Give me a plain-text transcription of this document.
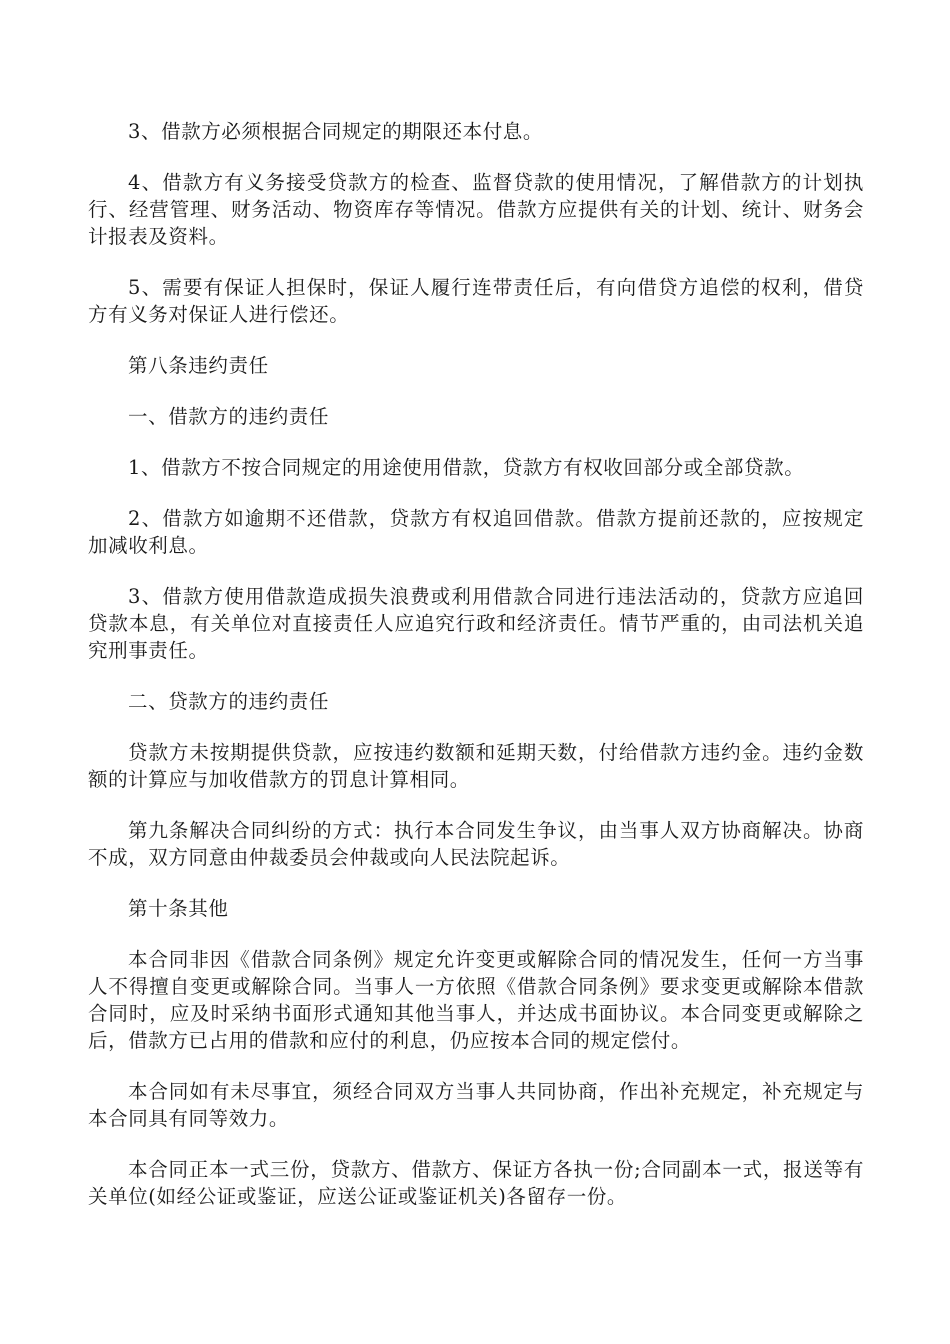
3、借款方必须根据合同规定的期限还本付息。

4、借款方有义务接受贷款方的检查、监督贷款的使用情况，了解借款方的计划执行、经营管理、财务活动、物资库存等情况。借款方应提供有关的计划、统计、财务会计报表及资料。

5、需要有保证人担保时，保证人履行连带责任后，有向借贷方追偿的权利，借贷方有义务对保证人进行偿还。

第八条违约责任

一、借款方的违约责任

1、借款方不按合同规定的用途使用借款，贷款方有权收回部分或全部贷款。

2、借款方如逾期不还借款，贷款方有权追回借款。借款方提前还款的，应按规定加减收利息。

3、借款方使用借款造成损失浪费或利用借款合同进行违法活动的，贷款方应追回贷款本息，有关单位对直接责任人应追究行政和经济责任。情节严重的，由司法机关追究刑事责任。

二、贷款方的违约责任

贷款方未按期提供贷款，应按违约数额和延期天数，付给借款方违约金。违约金数额的计算应与加收借款方的罚息计算相同。

第九条解决合同纠纷的方式：执行本合同发生争议，由当事人双方协商解决。协商不成，双方同意由仲裁委员会仲裁或向人民法院起诉。

第十条其他

本合同非因《借款合同条例》规定允许变更或解除合同的情况发生，任何一方当事人不得擅自变更或解除合同。当事人一方依照《借款合同条例》要求变更或解除本借款合同时，应及时采纳书面形式通知其他当事人，并达成书面协议。本合同变更或解除之后，借款方已占用的借款和应付的利息，仍应按本合同的规定偿付。

本合同如有未尽事宜，须经合同双方当事人共同协商，作出补充规定，补充规定与本合同具有同等效力。

本合同正本一式三份，贷款方、借款方、保证方各执一份;合同副本一式，报送等有关单位(如经公证或鉴证，应送公证或鉴证机关)各留存一份。
